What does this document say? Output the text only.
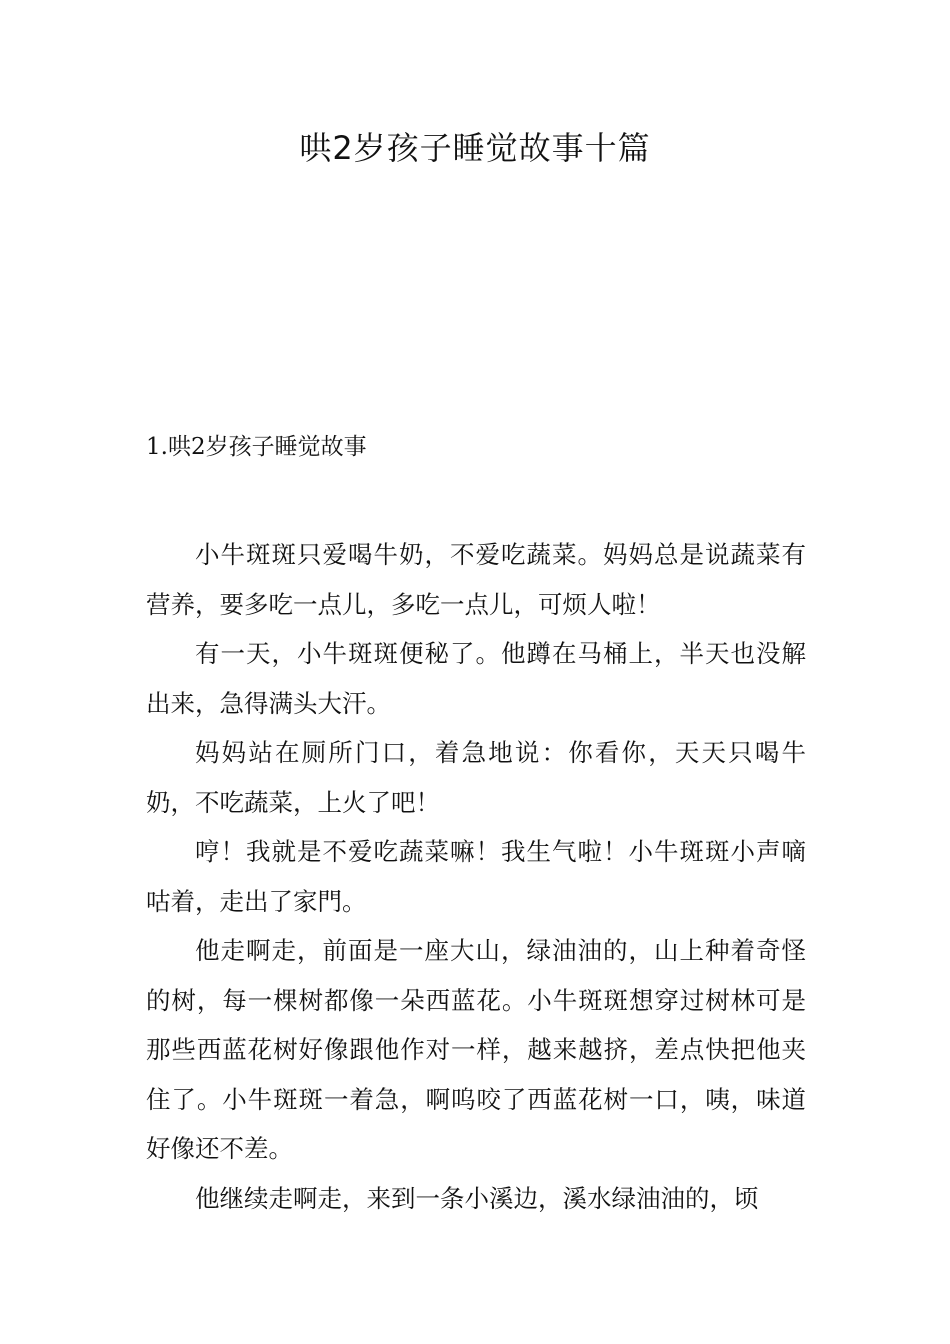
哄2岁孩子睡觉故事十篇
1.哄2岁孩子睡觉故事

小牛斑斑只爱喝牛奶，不爱吃蔬菜。妈妈总是说蔬菜有营养，要多吃一点儿，多吃一点儿，可烦人啦！

有一天，小牛斑斑便秘了。他蹲在马桶上，半天也没解出来，急得满头大汗。

妈妈站在厕所门口，着急地说：你看你，天天只喝牛奶，不吃蔬菜，上火了吧！

哼！我就是不爱吃蔬菜嘛！我生气啦！小牛斑斑小声嘀咕着，走出了家門。

他走啊走，前面是一座大山，绿油油的，山上种着奇怪的树，每一棵树都像一朵西蓝花。小牛斑斑想穿过树林可是那些西蓝花树好像跟他作对一样，越来越挤，差点快把他夹住了。小牛斑斑一着急，啊呜咬了西蓝花树一口，咦，味道好像还不差。

他继续走啊走，来到一条小溪边，溪水绿油油的，顷
